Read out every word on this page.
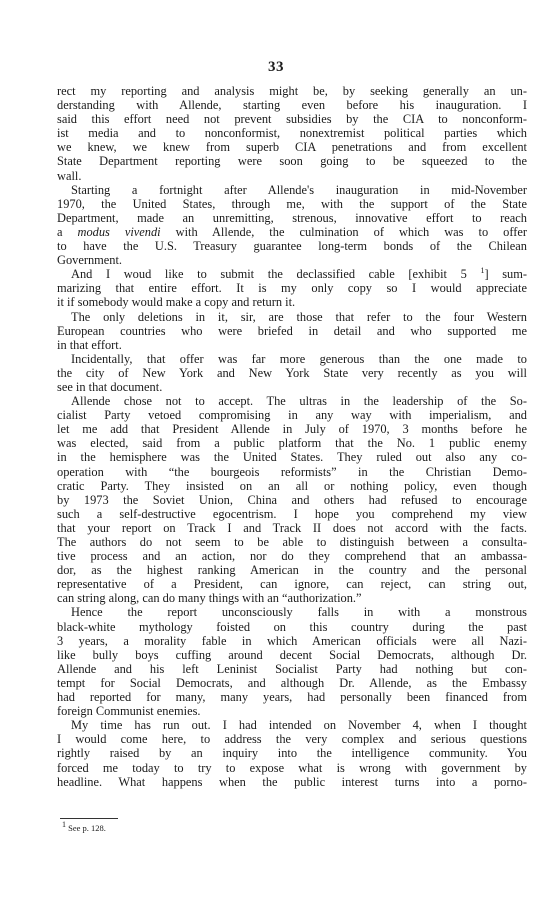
33
rect my reporting and analysis might be, by seeking generally an un-
derstanding with Allende, starting even before his inauguration. I
said this effort need not prevent subsidies by the CIA to nonconform-
ist media and to nonconformist, nonextremist political parties which
we knew, we knew from superb CIA penetrations and from excellent
State Department reporting were soon going to be squeezed to the
wall.
Starting a fortnight after Allende's inauguration in mid-November
1970, the United States, through me, with the support of the State
Department, made an unremitting, strenous, innovative effort to reach
a modus vivendi with Allende, the culmination of which was to offer
to have the U.S. Treasury guarantee long-term bonds of the Chilean
Government.
And I woud like to submit the declassified cable [exhibit 5 $^1$] sum-
marizing that entire effort. It is my only copy so I would appreciate
it if somebody would make a copy and return it.
The only deletions in it, sir, are those that refer to the four Western
European countries who were briefed in detail and who supported me
in that effort.
Incidentally, that offer was far more generous than the one made to
the city of New York and New York State very recently as you will
see in that document.
Allende chose not to accept. The ultras in the leadership of the So-
cialist Party vetoed compromising in any way with imperialism, and
let me add that President Allende in July of 1970, 3 months before he
was elected, said from a public platform that the No. 1 public enemy
in the hemisphere was the United States. They ruled out also any co-
operation with “the bourgeois reformists” in the Christian Demo-
cratic Party. They insisted on an all or nothing policy, even though
by 1973 the Soviet Union, China and others had refused to encourage
such a self-destructive egocentrism. I hope you comprehend my view
that your report on Track I and Track II does not accord with the facts.
The authors do not seem to be able to distinguish between a consulta-
tive process and an action, nor do they comprehend that an ambassa-
dor, as the highest ranking American in the country and the personal
representative of a President, can ignore, can reject, can string out,
can string along, can do many things with an “authorization.”
Hence the report unconsciously falls in with a monstrous
black-white mythology foisted on this country during the past
3 years, a morality fable in which American officials were all Nazi-
like bully boys cuffing around decent Social Democrats, although Dr.
Allende and his left Leninist Socialist Party had nothing but con-
tempt for Social Democrats, and although Dr. Allende, as the Embassy
had reported for many, many years, had personally been financed from
foreign Communist enemies.
My time has run out. I had intended on November 4, when I thought
I would come here, to address the very complex and serious questions
rightly raised by an inquiry into the intelligence community. You
forced me today to try to expose what is wrong with government by
headline. What happens when the public interest turns into a porno-
$^1$ See p. 128.
